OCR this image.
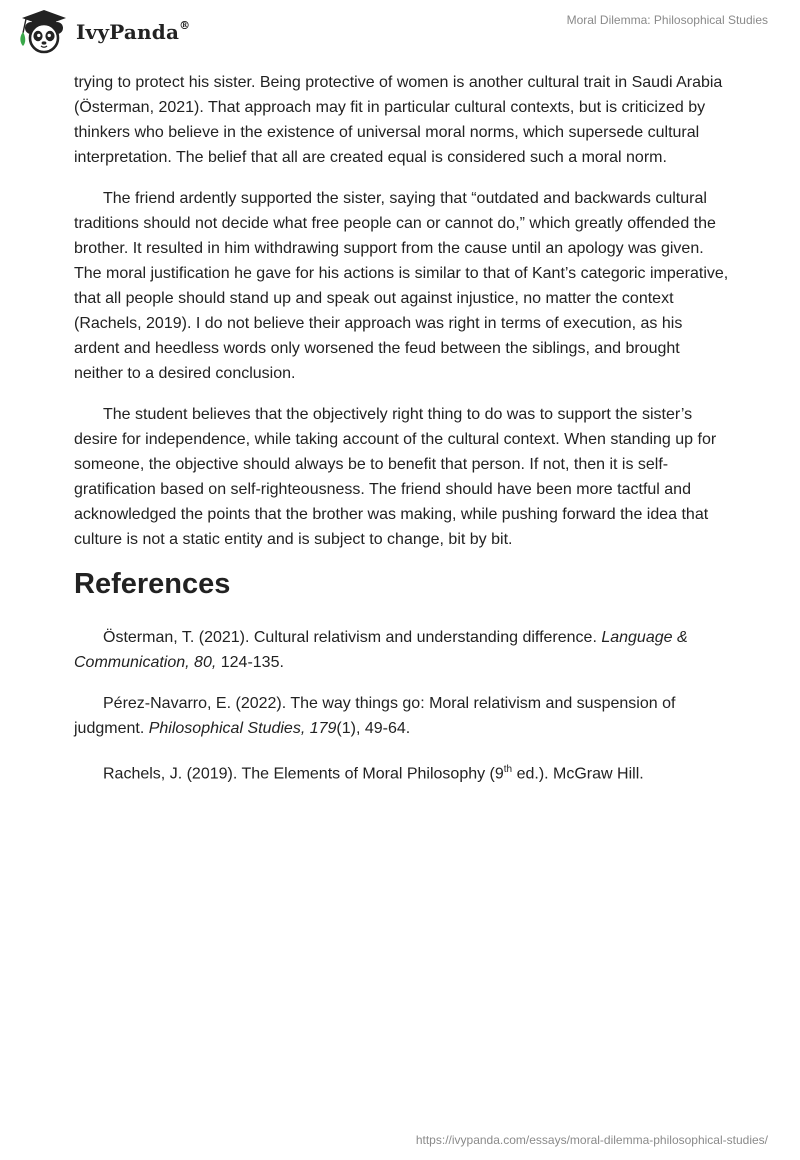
IvyPanda®	Moral Dilemma: Philosophical Studies

trying to protect his sister. Being protective of women is another cultural trait in Saudi Arabia (Österman, 2021). That approach may fit in particular cultural contexts, but is criticized by thinkers who believe in the existence of universal moral norms, which supersede cultural interpretation. The belief that all are created equal is considered such a moral norm.

The friend ardently supported the sister, saying that “outdated and backwards cultural traditions should not decide what free people can or cannot do,” which greatly offended the brother. It resulted in him withdrawing support from the cause until an apology was given. The moral justification he gave for his actions is similar to that of Kant’s categoric imperative, that all people should stand up and speak out against injustice, no matter the context (Rachels, 2019). I do not believe their approach was right in terms of execution, as his ardent and heedless words only worsened the feud between the siblings, and brought neither to a desired conclusion.

The student believes that the objectively right thing to do was to support the sister’s desire for independence, while taking account of the cultural context. When standing up for someone, the objective should always be to benefit that person. If not, then it is self-gratification based on self-righteousness. The friend should have been more tactful and acknowledged the points that the brother was making, while pushing forward the idea that culture is not a static entity and is subject to change, bit by bit.

References

Österman, T. (2021). Cultural relativism and understanding difference. Language & Communication, 80, 124-135.

Pérez-Navarro, E. (2022). The way things go: Moral relativism and suspension of judgment. Philosophical Studies, 179(1), 49-64.

Rachels, J. (2019). The Elements of Moral Philosophy (9th ed.). McGraw Hill.

https://ivypanda.com/essays/moral-dilemma-philosophical-studies/
